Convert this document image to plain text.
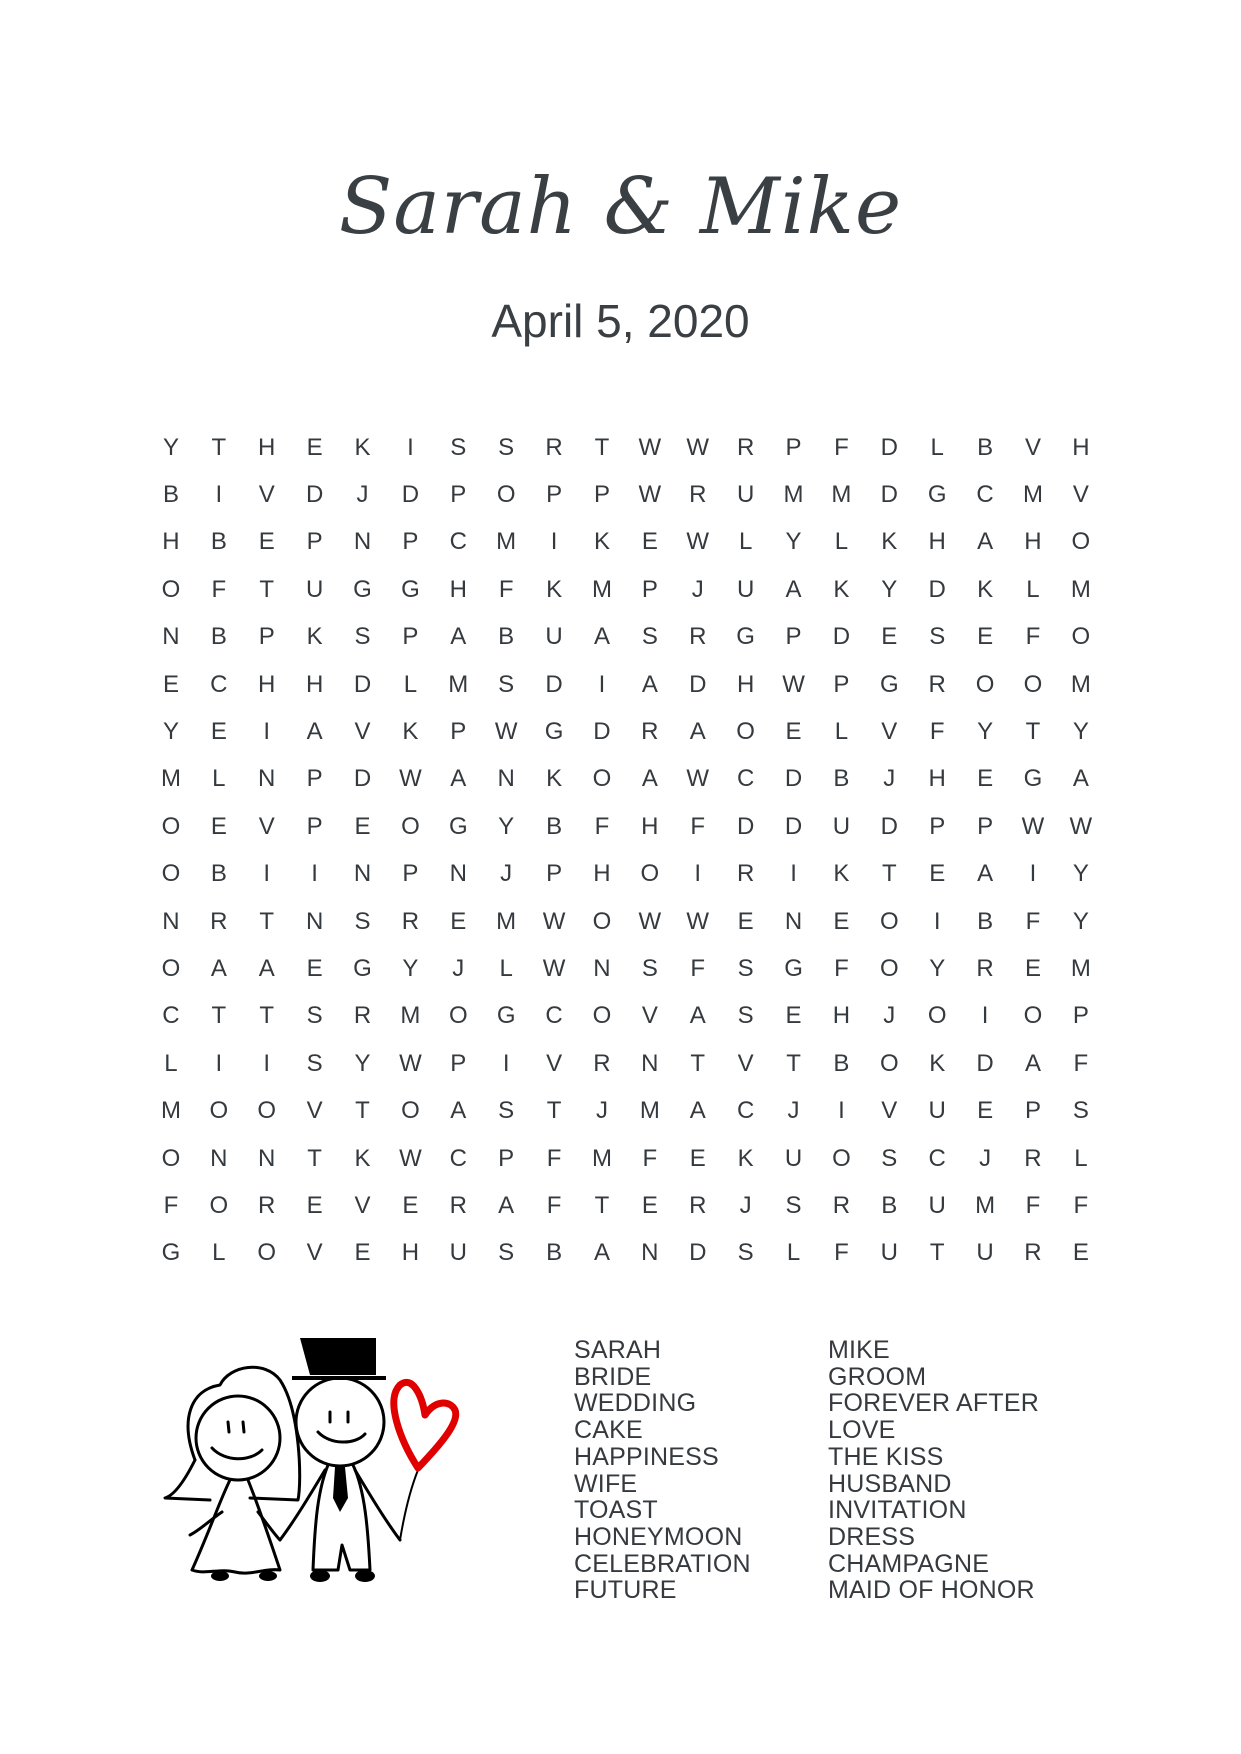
Sarah & Mike
April 5, 2020
Y	T	H	E	K	I	S	S	R	T	W	W	R	P	F	D	L	B	V	H
B	I	V	D	J	D	P	O	P	P	W	R	U	M	M	D	G	C	M	V
H	B	E	P	N	P	C	M	I	K	E	W	L	Y	L	K	H	A	H	O
O	F	T	U	G	G	H	F	K	M	P	J	U	A	K	Y	D	K	L	M
N	B	P	K	S	P	A	B	U	A	S	R	G	P	D	E	S	E	F	O
E	C	H	H	D	L	M	S	D	I	A	D	H	W	P	G	R	O	O	M
Y	E	I	A	V	K	P	W	G	D	R	A	O	E	L	V	F	Y	T	Y
M	L	N	P	D	W	A	N	K	O	A	W	C	D	B	J	H	E	G	A
O	E	V	P	E	O	G	Y	B	F	H	F	D	D	U	D	P	P	W	W
O	B	I	I	N	P	N	J	P	H	O	I	R	I	K	T	E	A	I	Y
N	R	T	N	S	R	E	M	W	O	W	W	E	N	E	O	I	B	F	Y
O	A	A	E	G	Y	J	L	W	N	S	F	S	G	F	O	Y	R	E	M
C	T	T	S	R	M	O	G	C	O	V	A	S	E	H	J	O	I	O	P
L	I	I	S	Y	W	P	I	V	R	N	T	V	T	B	O	K	D	A	F
M	O	O	V	T	O	A	S	T	J	M	A	C	J	I	V	U	E	P	S
O	N	N	T	K	W	C	P	F	M	F	E	K	U	O	S	C	J	R	L
F	O	R	E	V	E	R	A	F	T	E	R	J	S	R	B	U	M	F	F
G	L	O	V	E	H	U	S	B	A	N	D	S	L	F	U	T	U	R	E
SARAH
BRIDE
WEDDING
CAKE
HAPPINESS
WIFE
TOAST
HONEYMOON
CELEBRATION
FUTURE
MIKE
GROOM
FOREVER AFTER
LOVE
THE KISS
HUSBAND
INVITATION
DRESS
CHAMPAGNE
MAID OF HONOR
